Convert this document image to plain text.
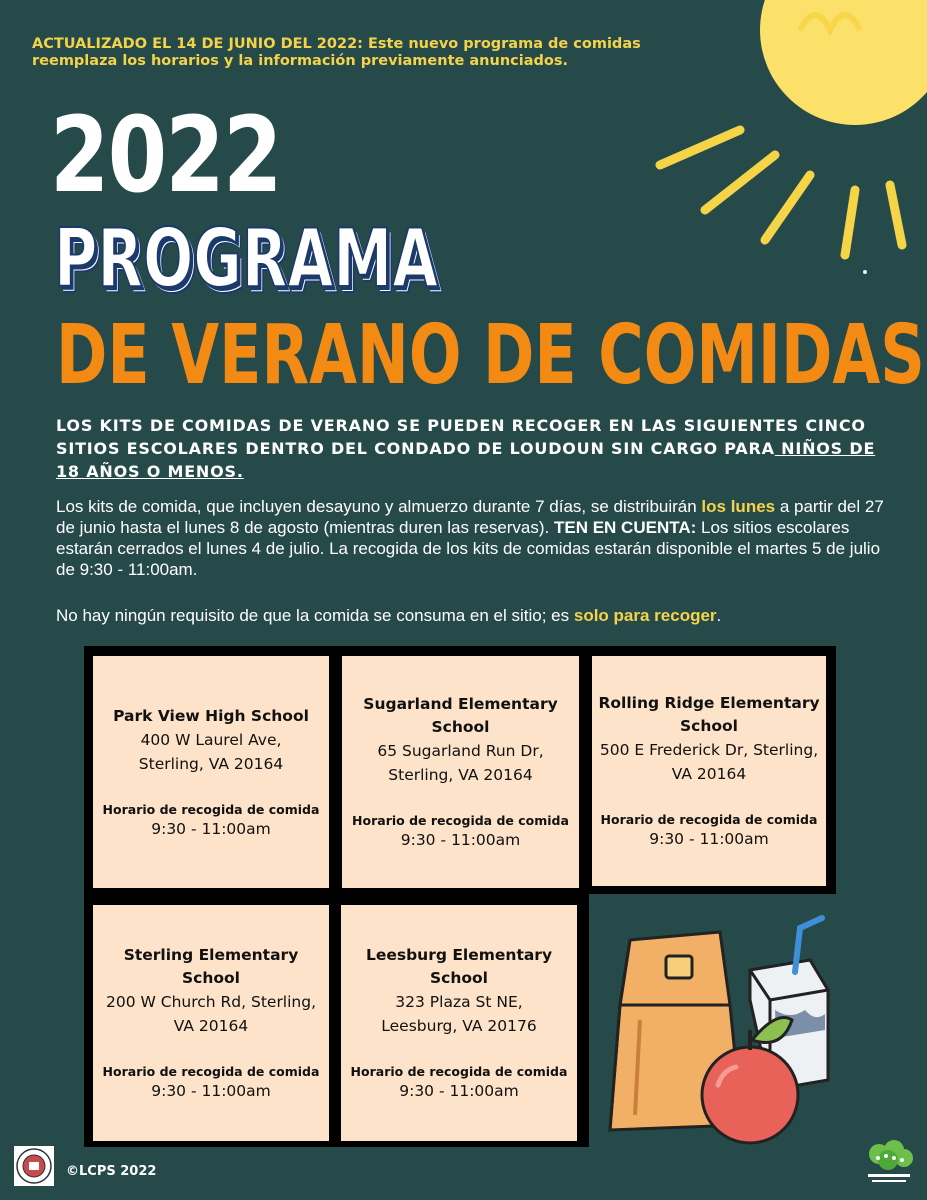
ACTUALIZADO EL 14 DE JUNIO DEL 2022: Este nuevo programa de comidas reemplaza los horarios y la información previamente anunciados.
2022
PROGRAMA
DE VERANO DE COMIDAS
LOS KITS DE COMIDAS DE VERANO SE PUEDEN RECOGER EN LAS SIGUIENTES CINCO SITIOS ESCOLARES DENTRO DEL CONDADO DE LOUDOUN SIN CARGO PARA NIÑOS DE 18 AÑOS O MENOS.
Los kits de comida, que incluyen desayuno y almuerzo durante 7 días, se distribuirán los lunes a partir del 27 de junio hasta el lunes 8 de agosto (mientras duren las reservas). TEN EN CUENTA: Los sitios escolares estarán cerrados el lunes 4 de julio. La recogida de los kits de comidas estarán disponible el martes 5 de julio de 9:30 - 11:00am.
No hay ningún requisito de que la comida se consuma en el sitio; es solo para recoger.
Park View High School
400 W Laurel Ave, Sterling, VA 20164
Horario de recogida de comida
9:30 - 11:00am
Sugarland Elementary School
65 Sugarland Run Dr, Sterling, VA 20164
Horario de recogida de comida
9:30 - 11:00am
Rolling Ridge Elementary School
500 E Frederick Dr, Sterling, VA 20164
Horario de recogida de comida
9:30 - 11:00am
Sterling Elementary School
200 W Church Rd, Sterling, VA 20164
Horario de recogida de comida
9:30 - 11:00am
Leesburg Elementary School
323 Plaza St NE, Leesburg, VA 20176
Horario de recogida de comida
9:30 - 11:00am
©LCPS 2022
